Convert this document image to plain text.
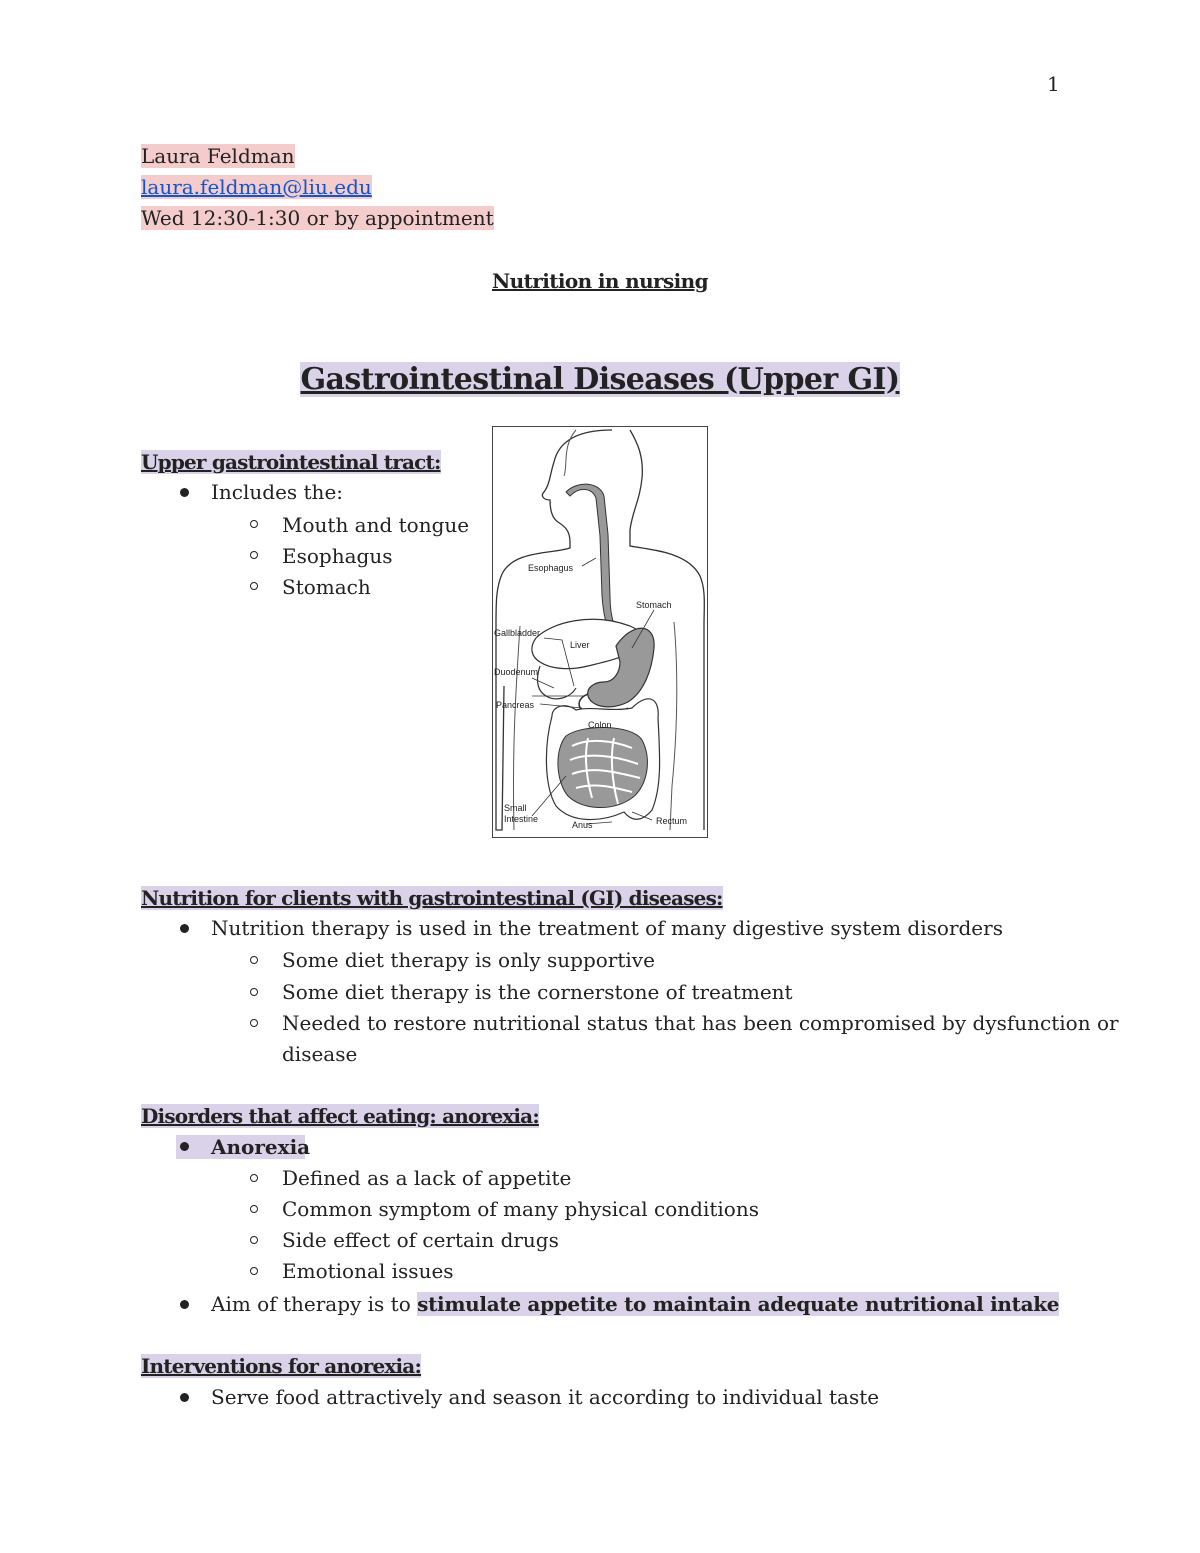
1
Laura Feldman
laura.feldman@liu.edu
Wed 12:30-1:30 or by appointment
Nutrition in nursing
Gastrointestinal Diseases (Upper GI)
Upper gastrointestinal tract:
Includes the:
Mouth and tongue
Esophagus
Stomach
Esophagus
Stomach
Gallbladder
Liver
Duodenum
Pancreas
Colon
Small
Intestine
Anus	Rectum
Nutrition for clients with gastrointestinal (GI) diseases:
Nutrition therapy is used in the treatment of many digestive system disorders
Some diet therapy is only supportive
Some diet therapy is the cornerstone of treatment
Needed to restore nutritional status that has been compromised by dysfunction or
disease
Disorders that affect eating: anorexia:
Anorexia
Defined as a lack of appetite
Common symptom of many physical conditions
Side effect of certain drugs
Emotional issues
Aim of therapy is to stimulate appetite to maintain adequate nutritional intake
Interventions for anorexia:
Serve food attractively and season it according to individual taste
